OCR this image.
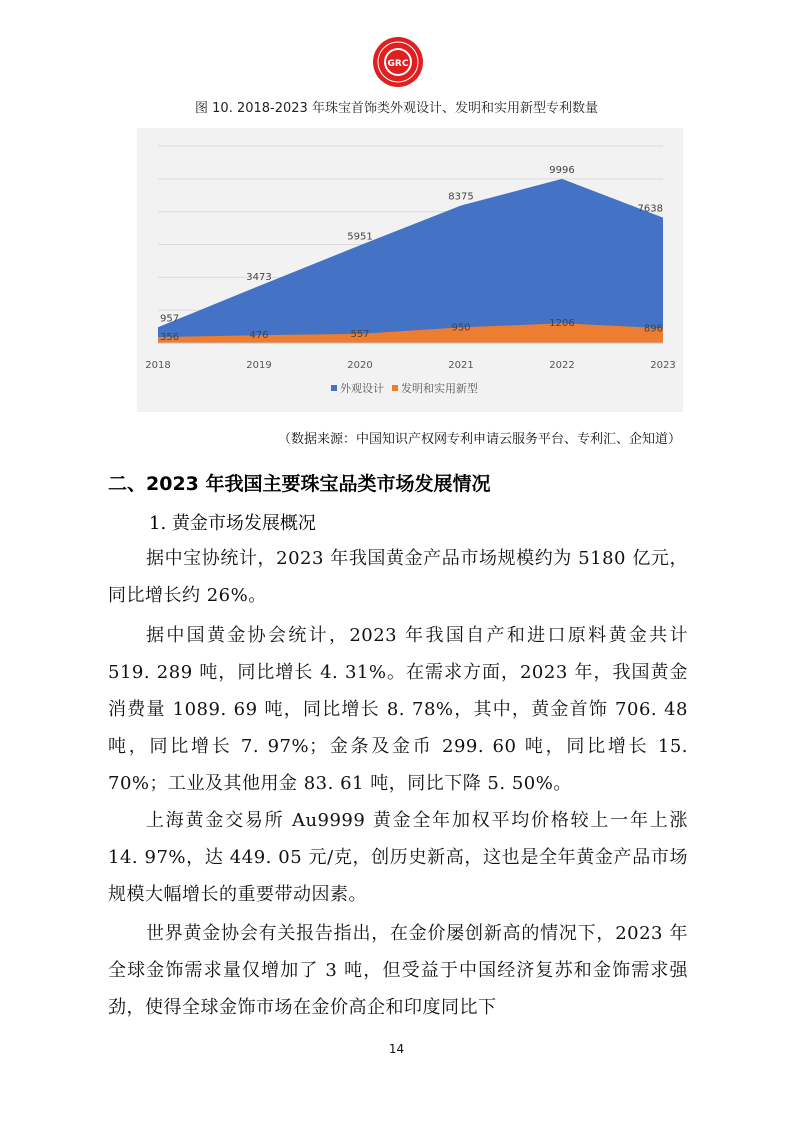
GRC
图 10. 2018-2023 年珠宝首饰类外观设计、发明和实用新型专利数量
957
3473
5951
8375
9996
7638
356	476	557
950	1206	896
2018	2019	2020	2021	2022	2023
外观设计 发明和实用新型
（数据来源：中国知识产权网专利申请云服务平台、专利汇、企知道）
二、2023 年我国主要珠宝品类市场发展情况
1. 黄金市场发展概况

据中宝协统计，2023 年我国黄金产品市场规模约为 5180 亿元，同比增长约 26%。

据中国黄金协会统计，2023 年我国自产和进口原料黄金共计 519. 289 吨，同比增长 4. 31%。在需求方面，2023 年，我国黄金消费量 1089. 69 吨，同比增长 8. 78%，其中，黄金首饰 706. 48 吨，同比增长 7. 97%；金条及金币 299. 60 吨，同比增长 15. 70%；工业及其他用金 83. 61 吨，同比下降 5. 50%。

上海黄金交易所 Au9999 黄金全年加权平均价格较上一年上涨 14. 97%，达 449. 05 元/克，创历史新高，这也是全年黄金产品市场规模大幅增长的重要带动因素。

世界黄金协会有关报告指出，在金价屡创新高的情况下，2023 年全球金饰需求量仅增加了 3 吨，但受益于中国经济复苏和金饰需求强劲，使得全球金饰市场在金价高企和印度同比下

14
